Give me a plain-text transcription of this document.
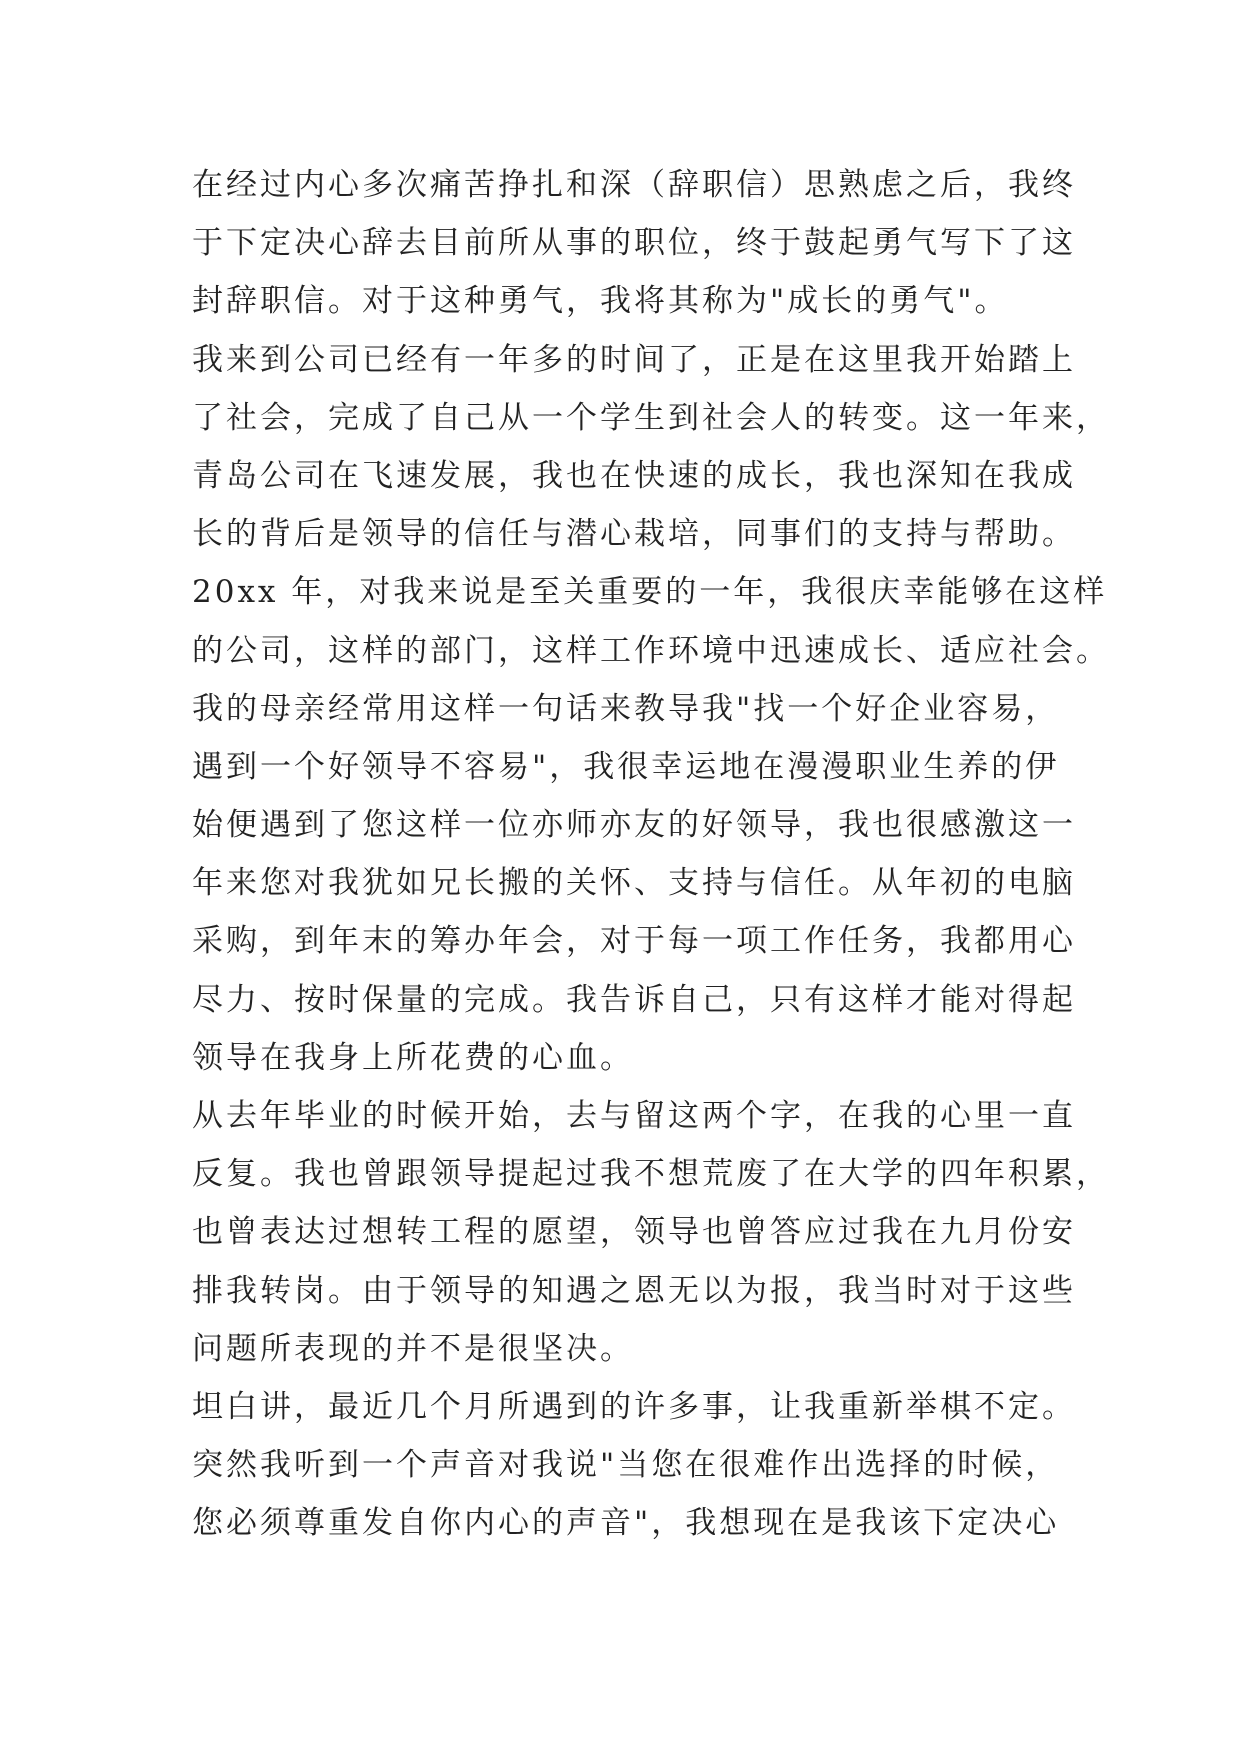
在经过内心多次痛苦挣扎和深（辞职信）思熟虑之后，我终
于下定决心辞去目前所从事的职位，终于鼓起勇气写下了这
封辞职信。对于这种勇气，我将其称为"成长的勇气"。
我来到公司已经有一年多的时间了，正是在这里我开始踏上
了社会，完成了自己从一个学生到社会人的转变。这一年来，
青岛公司在飞速发展，我也在快速的成长，我也深知在我成
长的背后是领导的信任与潜心栽培，同事们的支持与帮助。
20xx 年，对我来说是至关重要的一年，我很庆幸能够在这样
的公司，这样的部门，这样工作环境中迅速成长、适应社会。
我的母亲经常用这样一句话来教导我"找一个好企业容易，
遇到一个好领导不容易"，我很幸运地在漫漫职业生养的伊
始便遇到了您这样一位亦师亦友的好领导，我也很感激这一
年来您对我犹如兄长搬的关怀、支持与信任。从年初的电脑
采购，到年末的筹办年会，对于每一项工作任务，我都用心
尽力、按时保量的完成。我告诉自己，只有这样才能对得起
领导在我身上所花费的心血。
从去年毕业的时候开始，去与留这两个字，在我的心里一直
反复。我也曾跟领导提起过我不想荒废了在大学的四年积累，
也曾表达过想转工程的愿望，领导也曾答应过我在九月份安
排我转岗。由于领导的知遇之恩无以为报，我当时对于这些
问题所表现的并不是很坚决。
坦白讲，最近几个月所遇到的许多事，让我重新举棋不定。
突然我听到一个声音对我说"当您在很难作出选择的时候，
您必须尊重发自你内心的声音"，我想现在是我该下定决心
